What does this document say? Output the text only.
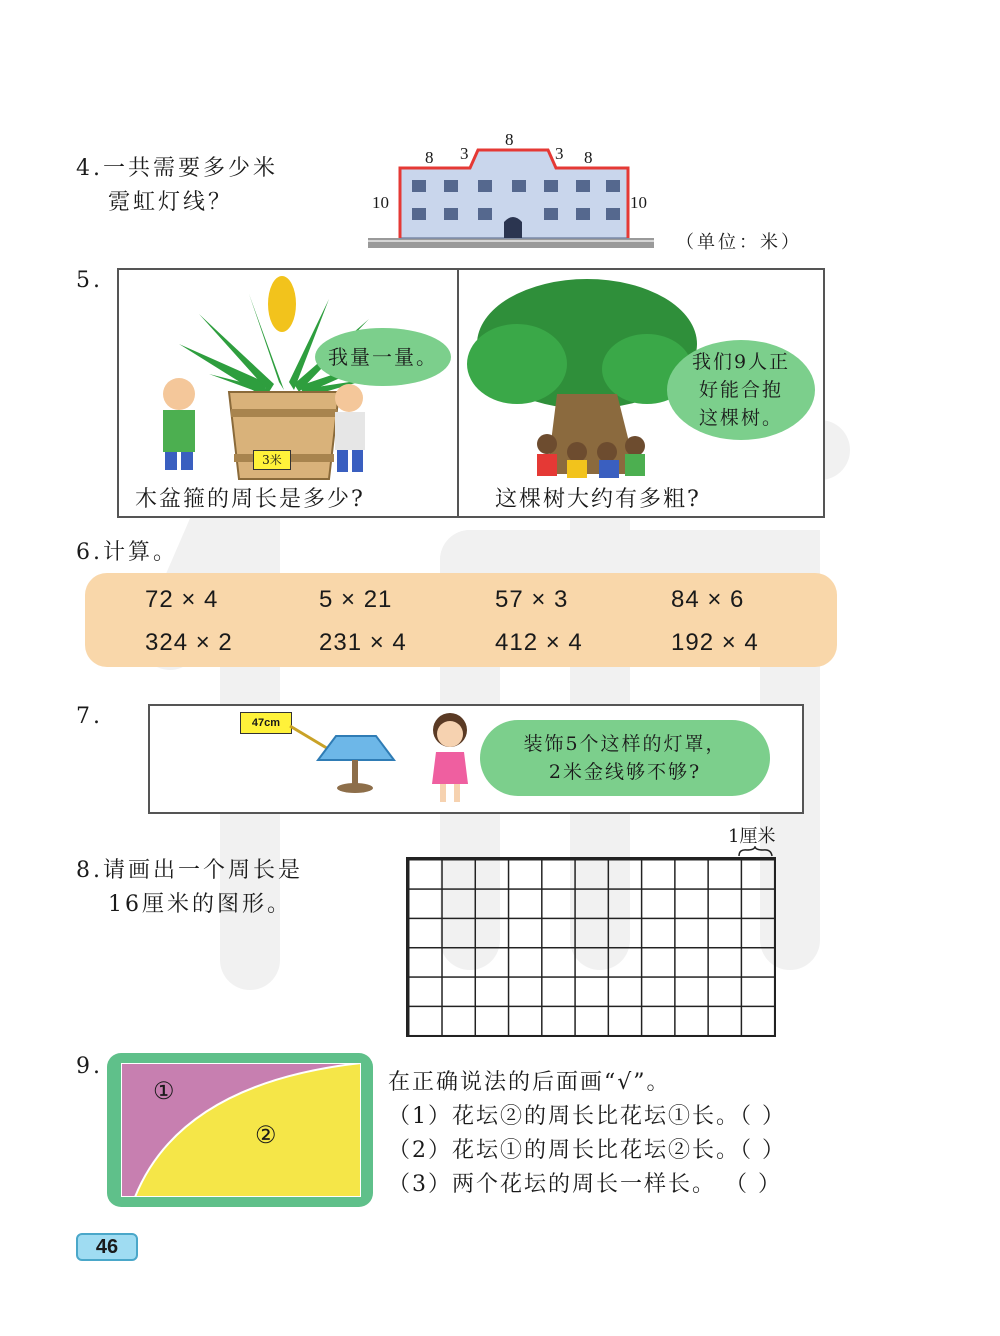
4.一共需要多少米
霓虹灯线？	10	10
8 3
8
3 8
（单位：米）
5.
3米
我量一量。
木盆箍的周长是多少?
我们9人正
好能合抱
这棵树。
这棵树大约有多粗?
6.计算。
72 × 4	5 × 21	57 × 3	84 × 6
324 × 2	231 × 4	412 × 4	192 × 4
7.	47cm
装饰5个这样的灯罩，
2米金线够不够?
8.请画出一个周长是
16厘米的图形。
1厘米
9.
①
②
在正确说法的后面画“√”。
（1）花坛②的周长比花坛①长。（ ）
（2）花坛①的周长比花坛②长。（ ）
（3）两个花坛的周长一样长。 （ ）
46
